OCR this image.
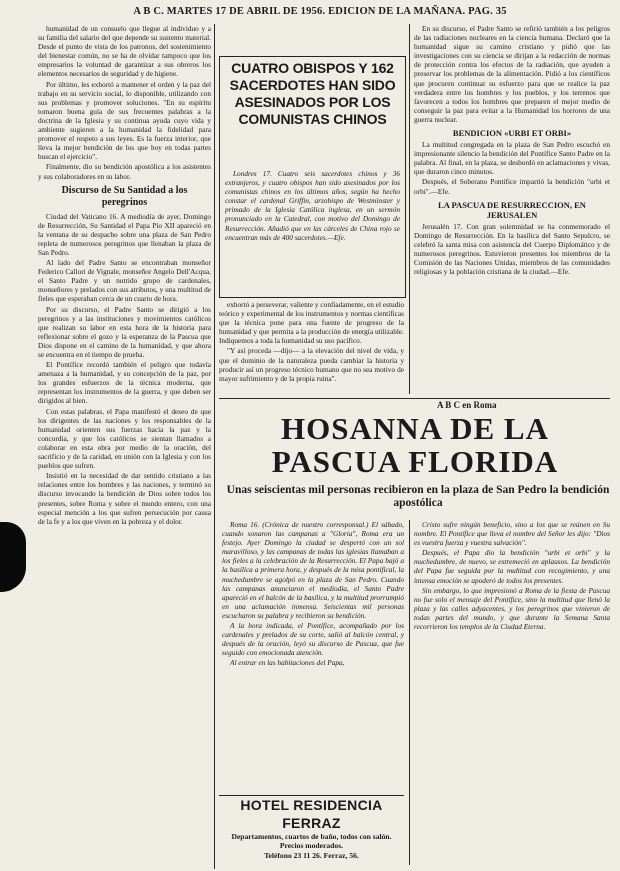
A B C. MARTES 17 DE ABRIL DE 1956. EDICION DE LA MAÑANA. PAG. 35

humanidad de un consuelo que llegue al individuo y a su familia del salario del que depende su sustento material. Desde el punto de vista de los patronos, del sostenimiento del bienestar común, no se ha de olvidar tampoco que los empresarios la voluntad de garantizar a sus obreros los elementos necesarios de seguridad y de higiene.

Por último, les exhortó a mantener el orden y la paz del trabajo en su servicio social, lo disponible, utilizando con sus problemas y promover soluciones. "En su espíritu tomaron buena guía de sus frecuentes palabras a la doctrina de la Iglesia y su continua ayuda cuyo vida y ambiente sugieren a la humanidad la fidelidad para promover el respeto a sus leyes. Es la fuerza interior, que lleva la mejor bendición de los que hoy en todas partes buscan el ejercicio".

Finalmente, dio su bendición apostólica a los asistentes y sus colaboradores en su labor.

Discurso de Su Santidad a los peregrinos

Ciudad del Vaticano 16. A mediodía de ayer, Domingo de Resurrección, Su Santidad el Papa Pío XII apareció en la ventana de su despacho sobre una plaza de San Pedro repleta de numerosos peregrinos que llenaban la plaza de San Pedro.

Al lado del Padre Santo se encontraban monseñor Federico Callori de Vignale, monseñor Angelo Dell'Acqua, el Santo Padre y un nutrido grupo de cardenales, monseñores y prelados con sus atributos, y una multitud de fieles que esperaban cerca de un cuarto de hora.

Por su discurso, el Padre Santo se dirigió a los peregrinos y a las instituciones y movimientos católicos que realizan su labor en esta hora de la historia para reflexionar sobre el gozo y la esperanza de la Pascua que Dios dispone en el camino de la humanidad, y que ahora se encuentra en el tiempo de prueba.

El Pontífice recordó también el peligro que todavía amenaza a la humanidad, y su concepción de la paz, por los grandes esfuerzos de la técnica moderna, que representan los instrumentos de la guerra, y que deben ser dirigidos al bien.

Con estas palabras, el Papa manifestó el deseo de que los dirigentes de las naciones y los responsables de la humanidad orienten sus fuerzas hacia la paz y la concordia, y que los católicos se sientan llamados a colaborar en esta obra por medio de la oración, del sacrificio y de la caridad, en unión con la Iglesia y con los pueblos que sufren.

Insistió en la necesidad de dar sentido cristiano a las relaciones entre los hombres y las naciones, y terminó su discurso invocando la bendición de Dios sobre todos los presentes, sobre Roma y sobre el mundo entero, con una especial mención a los que sufren persecución por causa de la fe y a los que viven en la pobreza y el dolor.

CUATRO OBISPOS Y 162 SACERDOTES HAN SIDO ASESINADOS POR LOS COMUNISTAS CHINOS

Londres 17. Cuatro seis sacerdotes chinos y 36 extranjeros, y cuatro obispos han sido asesinados por los comunistas chinos en los últimos años, según ha hecho constar el cardenal Griffin, arzobispo de Westminster y primado de la Iglesia Católica inglesa, en un sermón pronunciado en la Catedral, con motivo del Domingo de Resurrección. Añadió que en las cárceles de China rojo se encuentran más de 400 sacerdotes.—Efe.

exhortó a perseverar, valiente y confiadamente, en el estudio teórico y experimental de los instrumentos y normas científicas que la técnica pone para una fuente de progreso de la humanidad y que permita a la producción de energía utilizable. Indiquemos a toda la humanidad su uso pacífico.

"Y así proceda —dijo— a la elevación del nivel de vida, y que el dominio de la naturaleza pueda cambiar la historia y producir así un progreso técnico humano que no sea motivo de mayor sufrimiento y de la propia ruina".

En su discurso, el Padre Santo se refirió también a los peligros de las radiaciones nucleares en la ciencia humana. Declaró que la humanidad sigue su camino cristiano y pidió que las investigaciones con su ciencia se dirijan a la redacción de normas de protección contra los efectos de la radiación, que ayuden a preservar los problemas de la alimentación. Pidió a los científicos que procuren continuar su esfuerzo para que se realice la paz verdadera entre los hombres y los pueblos, y los terrenos que favorecen a todos los hombres que preparen el mejor medio de conseguir la paz para evitar a la Humanidad los horrores de una guerra nuclear.

BENDICION «URBI ET ORBI»

La multitud congregada en la plaza de San Pedro escuchó en impresionante silencio la bendición del Pontífice Santo Padre en la palabra. Al final, en la plaza, se desbordó en aclamaciones y vivas, que duraron cinco minutos.

Después, el Soberano Pontífice impartió la bendición "urbi et orbi".—Efe.

LA PASCUA DE RESURRECCION, EN JERUSALEN

Jerusalén 17. Con gran solemnidad se ha conmemorado el Domingo de Resurrección. En la basílica del Santo Sepulcro, se celebró la santa misa con asistencia del Cuerpo Diplomático y de numerosos peregrinos. Estuvieron presentes los miembros de la Comisión de las Naciones Unidas, miembros de las comunidades religiosas y la población cristiana de la ciudad.—Efe.

A B C en Roma
HOSANNA DE LA PASCUA FLORIDA
Unas seiscientas mil personas recibieron en la plaza de San Pedro la bendición apostólica

Roma 16. (Crónica de nuestro corresponsal.) El sábado, cuando sonaron las campanas a "Gloria", Roma era un festejo. Ayer Domingo la ciudad se despertó con un sol maravilloso, y las campanas de todas las iglesias llamaban a los fieles a la celebración de la Resurrección. El Papa bajó a la basílica a primera hora, y después de la misa pontifical, la muchedumbre se agolpó en la plaza de San Pedro. Cuando las campanas anunciaron el mediodía, el Santo Padre apareció en el balcón de la basílica, y la multitud prorrumpió en una aclamación inmensa. Seiscientas mil personas escucharon su palabra y recibieron su bendición.

A la hora indicada, el Pontífice, acompañado por los cardenales y prelados de su corte, salió al balcón central, y después de la oración, leyó su discurso de Pascua, que fue seguido con emocionada atención.

Al entrar en las habitaciones del Papa,

Cristo sufre ningún beneficio, sino a los que se reúnen en Su nombre. El Pontífice que lleva el nombre del Señor les dijo: "Dios es vuestra fuerza y vuestra salvación".

Después, el Papa dio la bendición "urbi et orbi" y la muchedumbre, de nuevo, se estremeció en aplausos. La bendición del Papa fue seguida por la multitud con recogimiento, y una intensa emoción se apoderó de todos los presentes.

Sin embargo, lo que impresionó a Roma de la fiesta de Pascua no fue solo el mensaje del Pontífice, sino la multitud que llenó la plaza y las calles adyacentes, y los peregrinos que vinieron de todas partes del mundo, y que durante la Semana Santa recorrieron los templos de la Ciudad Eterna.

HOTEL RESIDENCIA FERRAZ
Departamentos, cuartos de baño, todos con salón. Precios moderados.
Teléfono 23 11 26. Ferraz, 56.
